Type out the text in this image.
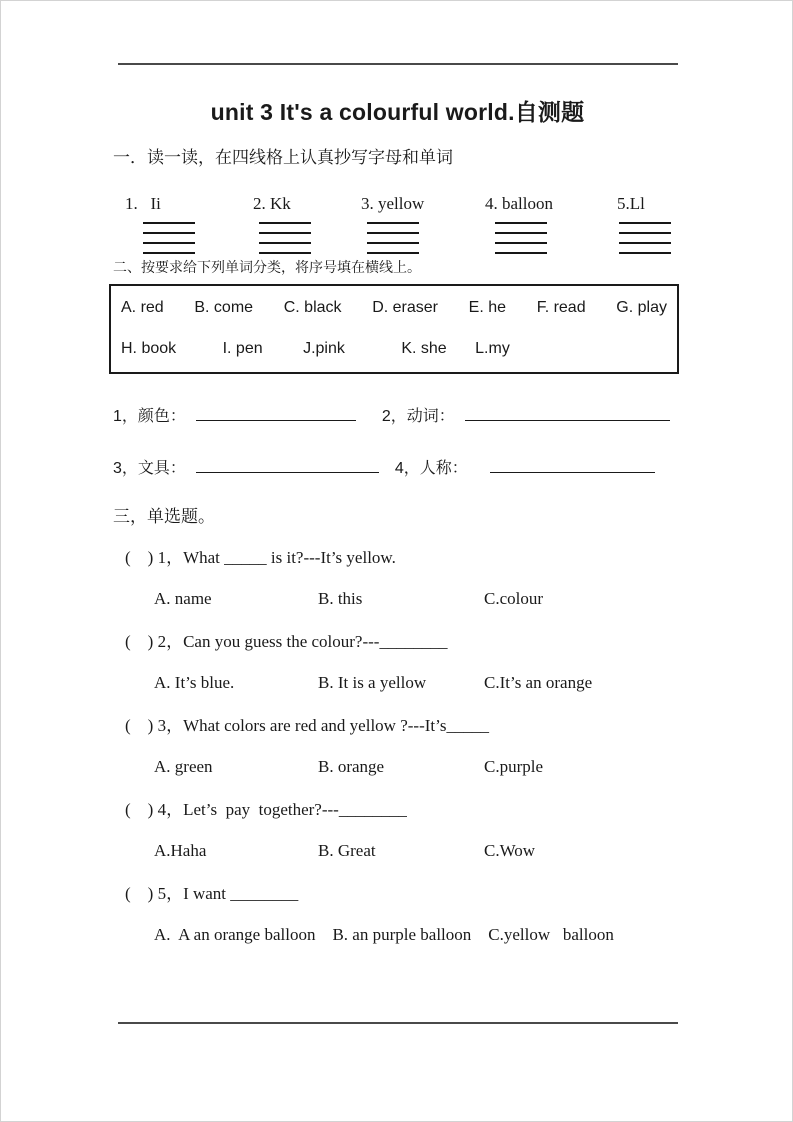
unit 3 It's a colourful world.自测题
一．读一读，在四线格上认真抄写字母和单词
1.   Ii	2. Kk	3. yellow	4. balloon	5.Ll
二、按要求给下列单词分类，将序号填在横线上。
A. red B. come C. black D. eraser E. he F. read G. play
H. book	I. pen	J.pink	K. she L.my
1，颜色：	2，动词：
3，文具：	4，人称：
三，单选题。
(    ) 1，What _____ is it?---It’s yellow.
A. name	B. this	C.colour
(    ) 2，Can you guess the colour?---________
A. It’s blue.	B. It is a yellow	C.It’s an orange
(    ) 3，What colors are red and yellow ?---It’s_____
A. green	B. orange	C.purple
(    ) 4，Let’s  pay  together?---________
A.Haha	B. Great	C.Wow
(    ) 5，I want ________
A.  A an orange balloon B. an purple balloon C.yellow   balloon
